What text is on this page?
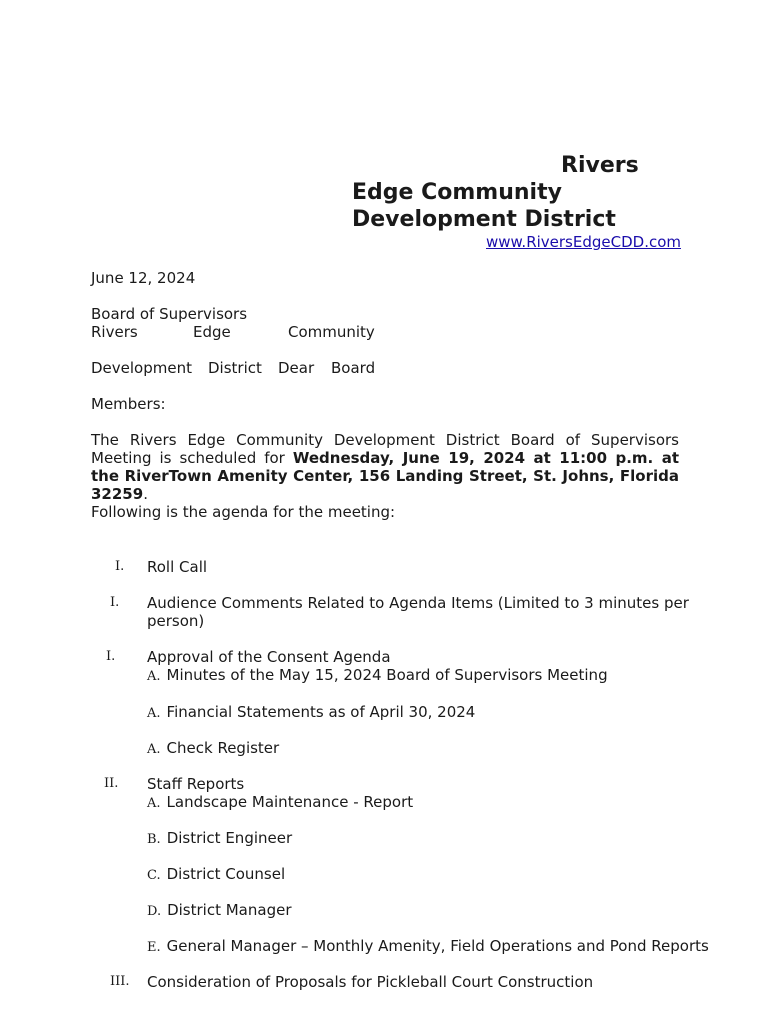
Rivers
Edge Community
Development District
www.RiversEdgeCDD.com
June 12, 2024
Board of Supervisors
Rivers	Edge	Community
Development District Dear Board
Members:
The Rivers Edge Community Development District Board of Supervisors
Meeting is scheduled for Wednesday, June 19, 2024 at 11:00 p.m. at
the RiverTown Amenity Center, 156 Landing Street, St. Johns, Florida
32259.
Following is the agenda for the meeting:
I. Roll Call
I. Audience Comments Related to Agenda Items (Limited to 3 minutes per
person)
I. Approval of the Consent Agenda
A. Minutes of the May 15, 2024 Board of Supervisors Meeting
A. Financial Statements as of April 30, 2024
A. Check Register
II. Staff Reports
A. Landscape Maintenance - Report
B. District Engineer
C. District Counsel
D. District Manager
E. General Manager – Monthly Amenity, Field Operations and Pond Reports
III. Consideration of Proposals for Pickleball Court Construction
